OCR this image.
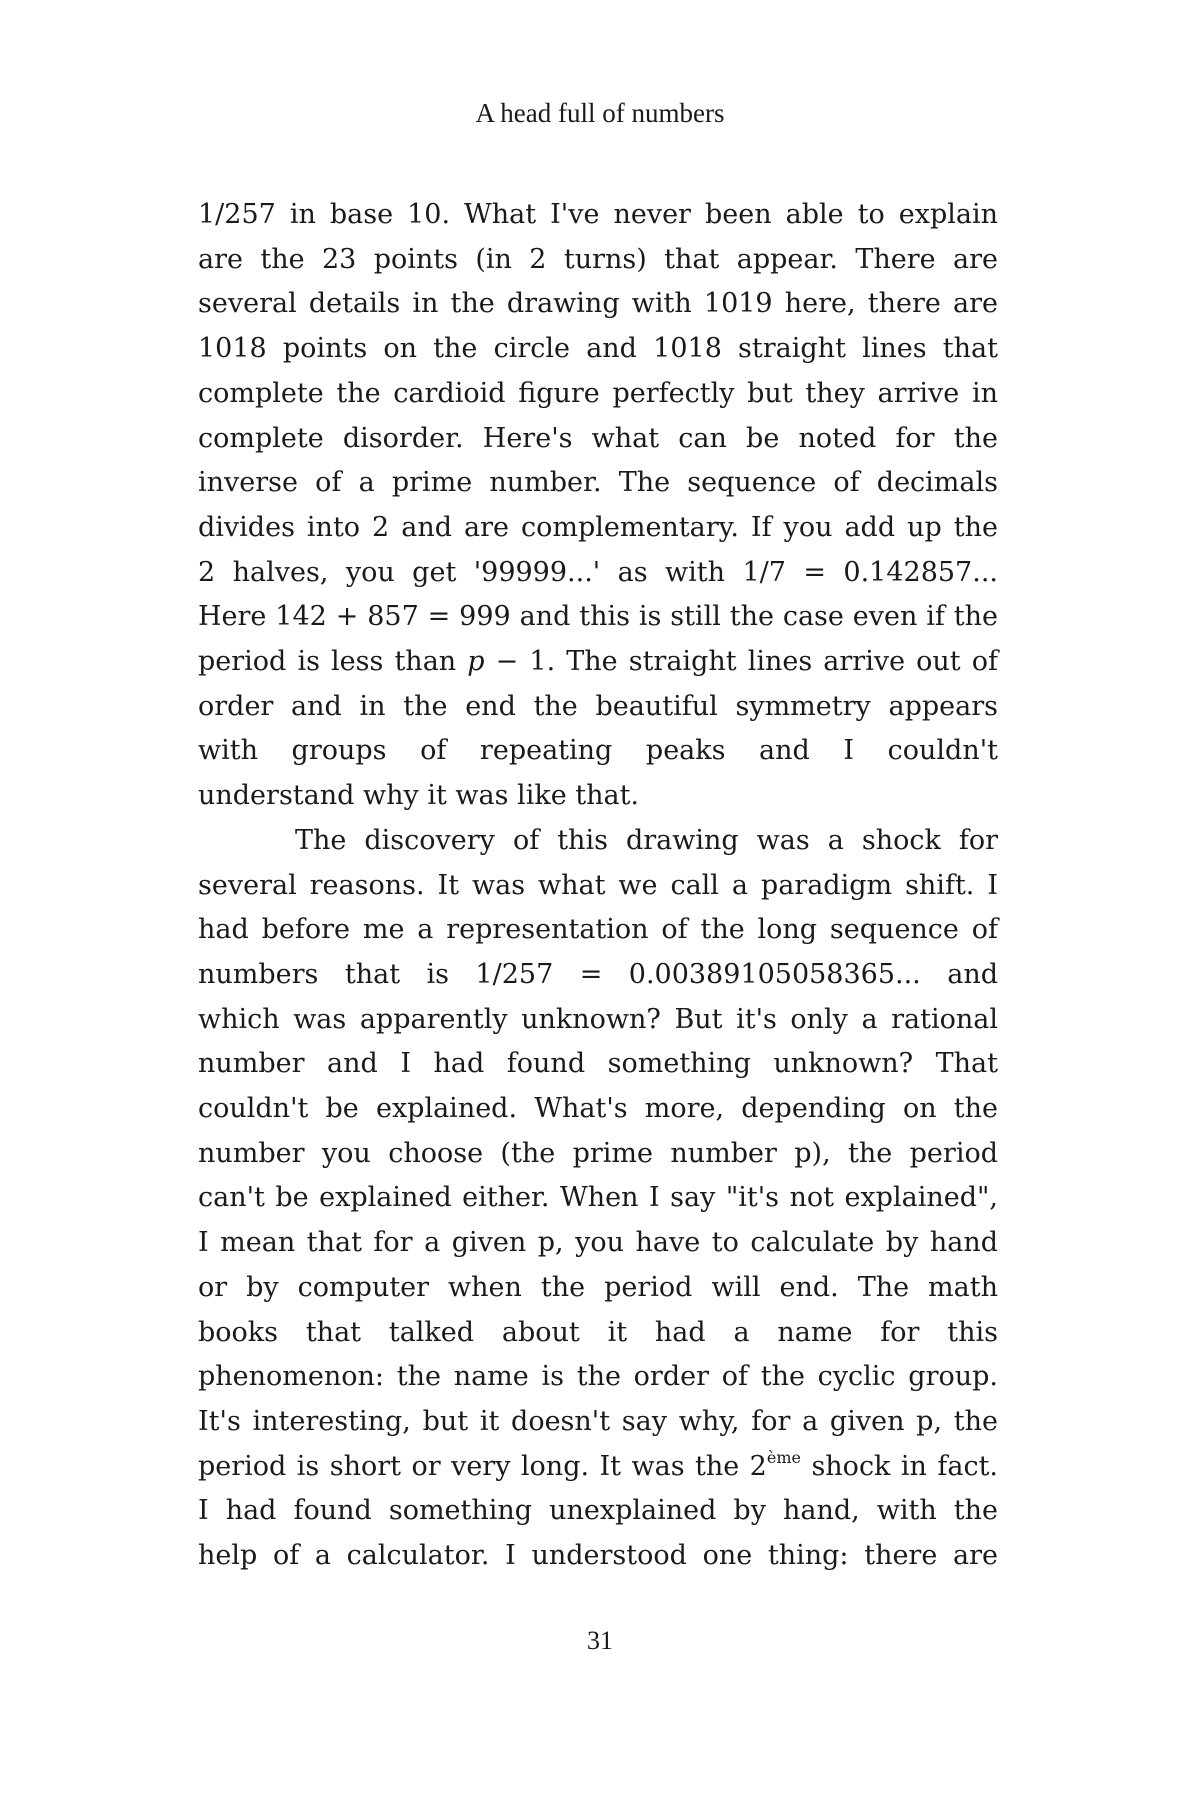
A head full of numbers

1/257 in base 10. What I've never been able to explain

are the 23 points (in 2 turns) that appear. There are

several details in the drawing with 1019 here, there are

1018 points on the circle and 1018 straight lines that

complete the cardioid figure perfectly but they arrive in

complete disorder. Here's what can be noted for the

inverse of a prime number. The sequence of decimals

divides into 2 and are complementary. If you add up the

2 halves, you get '99999...' as with 1/7 = 0.142857...

Here 142 + 857 = 999 and this is still the case even if the

period is less than p − 1. The straight lines arrive out of

order and in the end the beautiful symmetry appears

with groups of repeating peaks and I couldn't

understand why it was like that.

The discovery of this drawing was a shock for

several reasons. It was what we call a paradigm shift. I

had before me a representation of the long sequence of

numbers that is 1/257 = 0.00389105058365... and

which was apparently unknown? But it's only a rational

number and I had found something unknown? That

couldn't be explained. What's more, depending on the

number you choose (the prime number p), the period

can't be explained either. When I say "it's not explained",

I mean that for a given p, you have to calculate by hand

or by computer when the period will end. The math

books that talked about it had a name for this

phenomenon: the name is the order of the cyclic group.

It's interesting, but it doesn't say why, for a given p, the

period is short or very long. It was the 2ème shock in fact.

I had found something unexplained by hand, with the

help of a calculator. I understood one thing: there are

31
